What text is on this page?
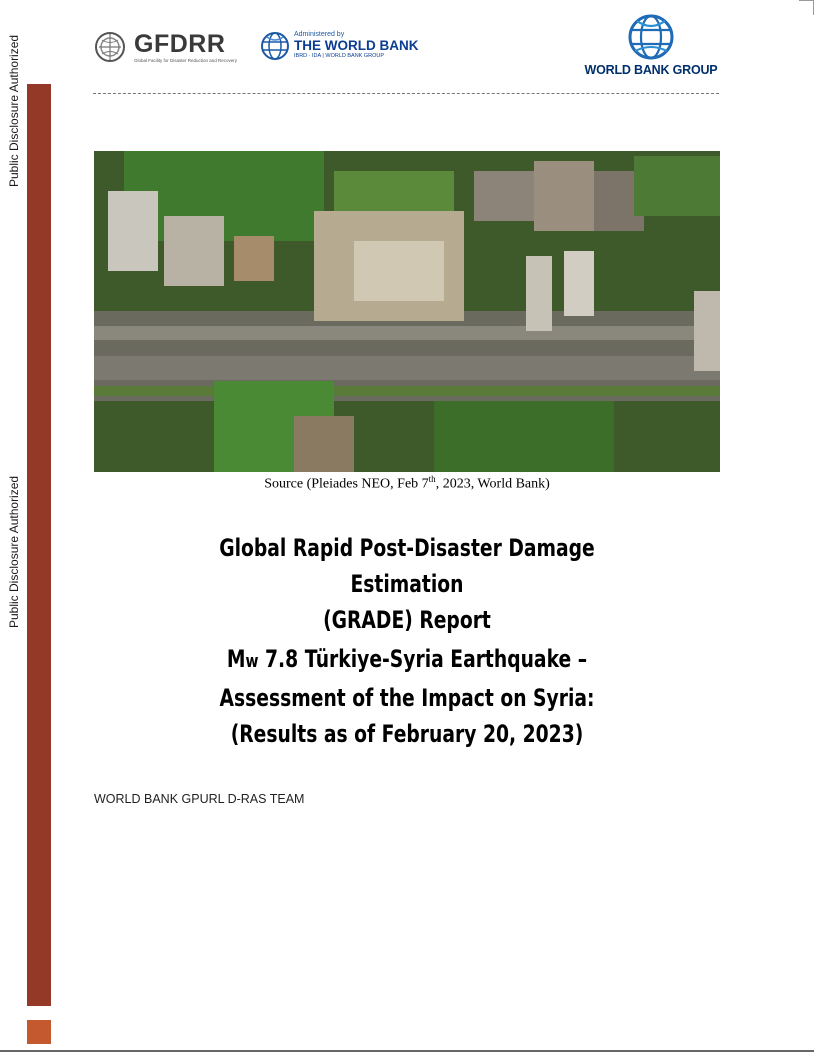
Public Disclosure Authorized
Public Disclosure Authorized
GFDRR
Global Facility for Disaster Reduction and Recovery
Administered by
THE WORLD BANK
IBRD · IDA | WORLD BANK GROUP
WORLD BANK GROUP
Source (Pleiades NEO, Feb 7th, 2023, World Bank)
Global Rapid Post-Disaster Damage Estimation
(GRADE) Report
Mw 7.8 Türkiye-Syria Earthquake –
Assessment of the Impact on Syria:
(Results as of February 20, 2023)
WORLD BANK GPURL D-RAS TEAM
